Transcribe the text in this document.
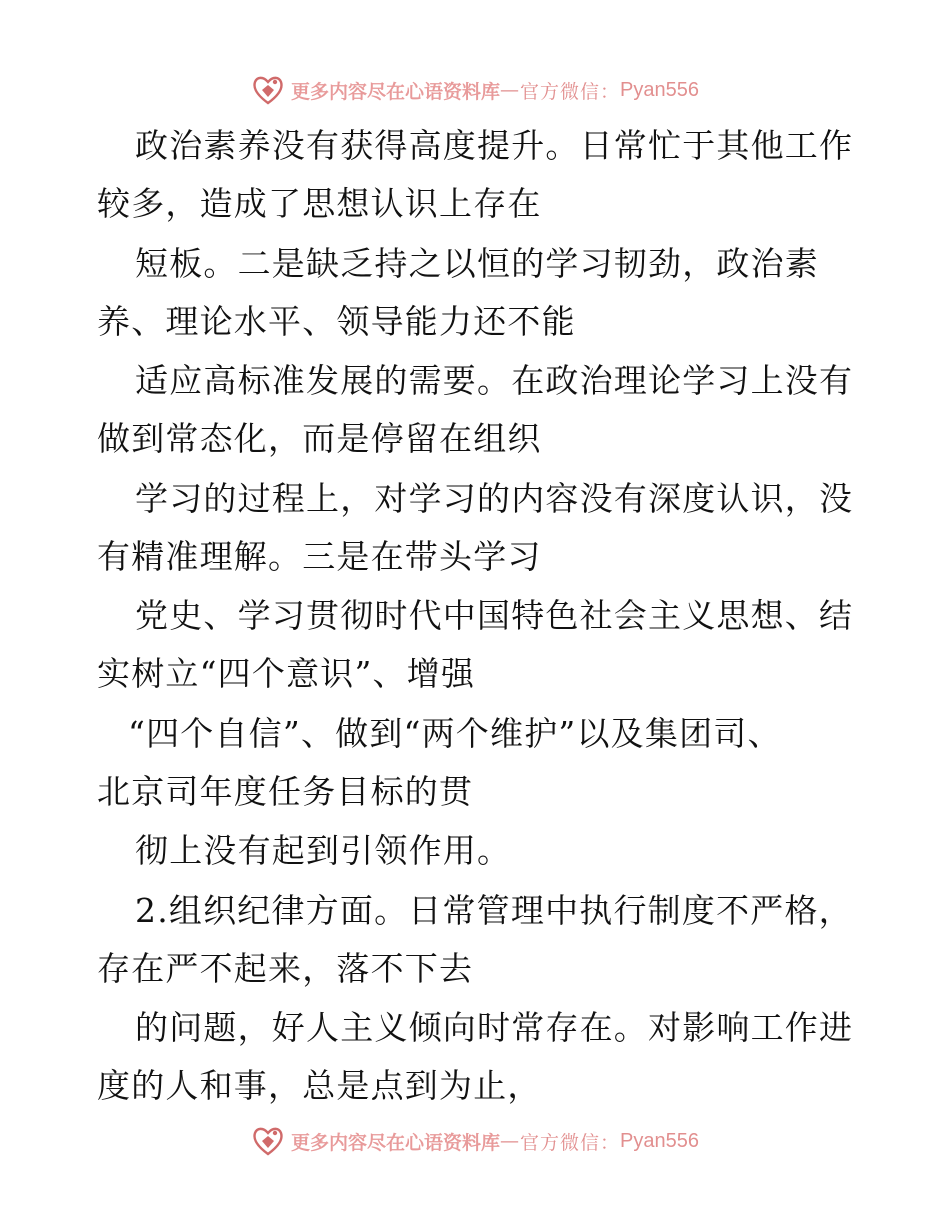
更多内容尽在心语资料库 — 官方微信： Pyan556
政治素养没有获得高度提升。日常忙于其他工作
较多，造成了思想认识上存在
短板。二是缺乏持之以恒的学习韧劲，政治素
养、理论水平、领导能力还不能
适应高标准发展的需要。在政治理论学习上没有
做到常态化，而是停留在组织
学习的过程上，对学习的内容没有深度认识，没
有精准理解。三是在带头学习
党史、学习贯彻时代中国特色社会主义思想、结
实树立“四个意识”、增强
“四个自信”、做到“两个维护”以及集团司、
北京司年度任务目标的贯
彻上没有起到引领作用。
2.组织纪律方面。日常管理中执行制度不严格，
存在严不起来，落不下去
的问题，好人主义倾向时常存在。对影响工作进
度的人和事，总是点到为止，
更多内容尽在心语资料库 — 官方微信： Pyan556
